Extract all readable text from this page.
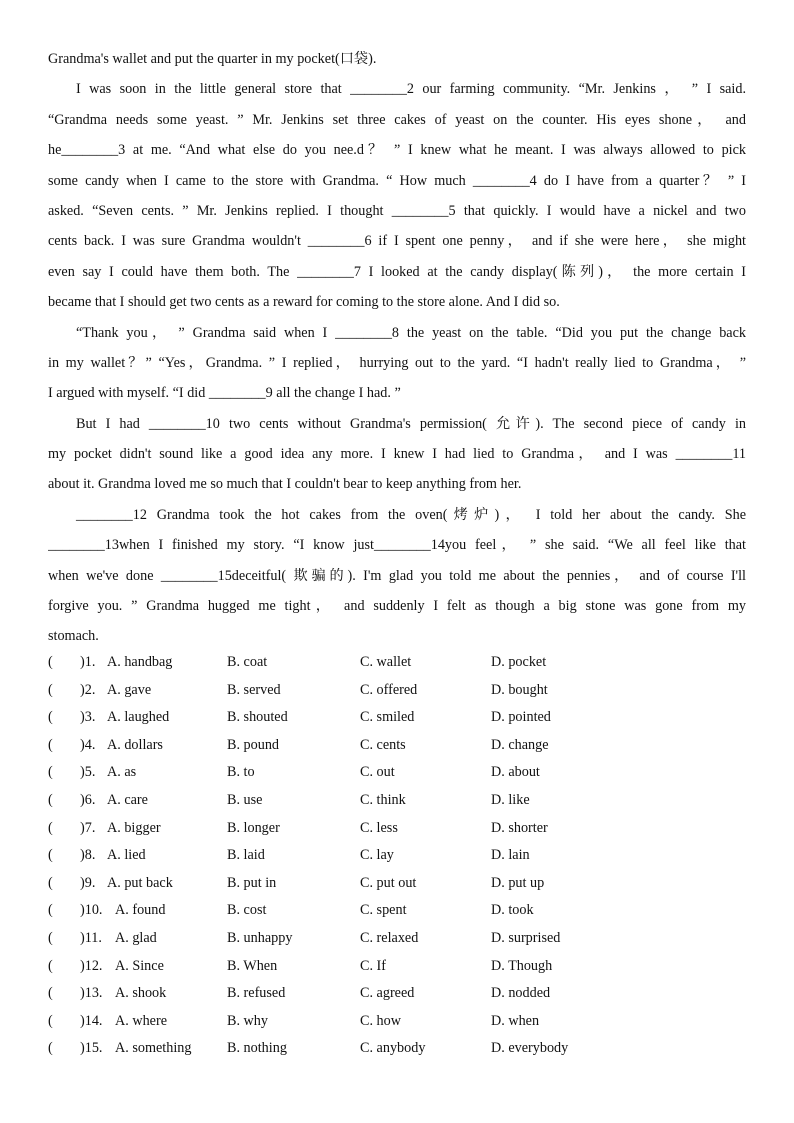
Grandma's wallet and put the quarter in my pocket(口袋).
I was soon in the little general store that ________2 our farming community. “Mr. Jenkins ， ” I said.
“Grandma needs some yeast. ” Mr. Jenkins set three cakes of yeast on the counter. His eyes shone， and
he________3 at me. “And what else do you nee.d？ ” I knew what he meant. I was always allowed to pick
some candy when I came to the store with Grandma. “ How much ________4 do I have from a quarter？ ” I
asked. “Seven cents. ” Mr. Jenkins replied. I thought ________5 that quickly. I would have a nickel and two
cents back. I was sure Grandma wouldn't ________6 if I spent one penny， and if she were here， she might
even say I could have them both. The ________7 I looked at the candy display(陈列)， the more certain I
became that I should get two cents as a reward for coming to the store alone. And I did so.
“Thank you， ” Grandma said when I ________8 the yeast on the table. “Did you put the change back
in my wallet？” “Yes，Grandma. ” I replied， hurrying out to the yard. “I hadn't really lied to Grandma， ”
I argued with myself. “I did ________9 all the change I had. ”
But I had ________10 two cents without Grandma's permission( 允许). The second piece of candy in
my pocket didn't sound like a good idea any more. I knew I had lied to Grandma， and I was ________11
about it. Grandma loved me so much that I couldn't bear to keep anything from her.
________12 Grandma took the hot cakes from the oven(烤炉)， I told her about the candy. She
________13when I finished my story. “I know just________14you feel， ” she said. “We all feel like that
when we've done ________15deceitful( 欺骗的). I'm glad you told me about the pennies， and of course I'll
forgive you. ” Grandma hugged me tight， and suddenly I felt as though a big stone was gone from my
stomach.
( )1. A. handbag	B. coat	C. wallet	D. pocket
( )2. A. gave	B. served	C. offered	D. bought
( )3. A. laughed	B. shouted	C. smiled	D. pointed
( )4. A. dollars	B. pound	C. cents	D. change
( )5. A. as	B. to	C. out	D. about
( )6. A. care	B. use	C. think	D. like
( )7. A. bigger	B. longer	C. less	D. shorter
( )8. A. lied	B. laid	C. lay	D. lain
( )9. A. put back	B. put in	C. put out	D. put up
( )10. A. found	B. cost	C. spent	D. took
( )11. A. glad	B. unhappy	C. relaxed	D. surprised
( )12. A. Since	B. When	C. If	D. Though
( )13. A. shook	B. refused	C. agreed	D. nodded
( )14. A. where	B. why	C. how	D. when
( )15. A. something	B. nothing	C. anybody	D. everybody
